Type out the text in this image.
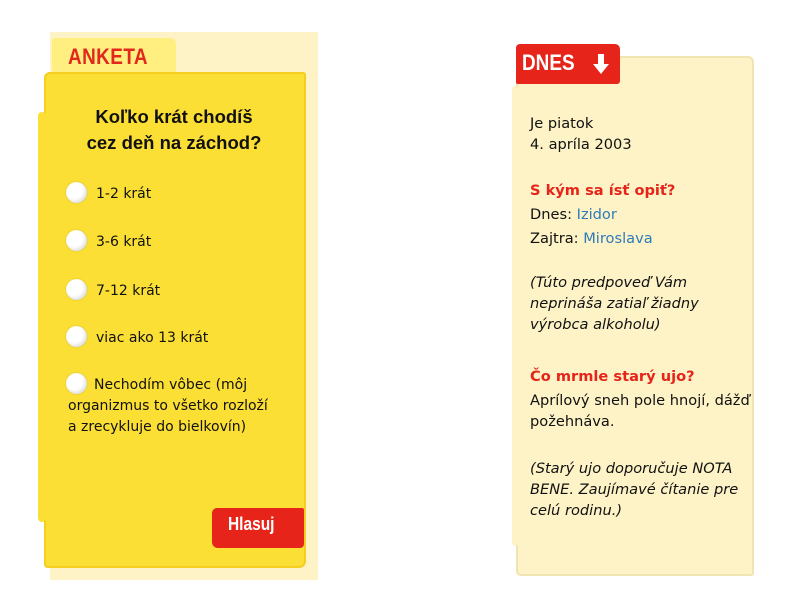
ANKETA
Koľko krát chodíš
cez deň na záchod?
1-2 krát
3-6 krát
7-12 krát
viac ako 13 krát
Nechodím vôbec (môj organizmus to všetko rozloží a zrecykluje do bielkovín)
Hlasuj
DNES
Je piatok
4. apríla 2003
S kým sa ísť opiť?
Dnes: Izidor
Zajtra: Miroslava
(Túto predpoveď Vám neprináša zatiaľ žiadny výrobca alkoholu)
Čo mrmle starý ujo?
Aprílový sneh pole hnojí, dážď požehnáva.
(Starý ujo doporučuje NOTA BENE. Zaujímavé čítanie pre celú rodinu.)
